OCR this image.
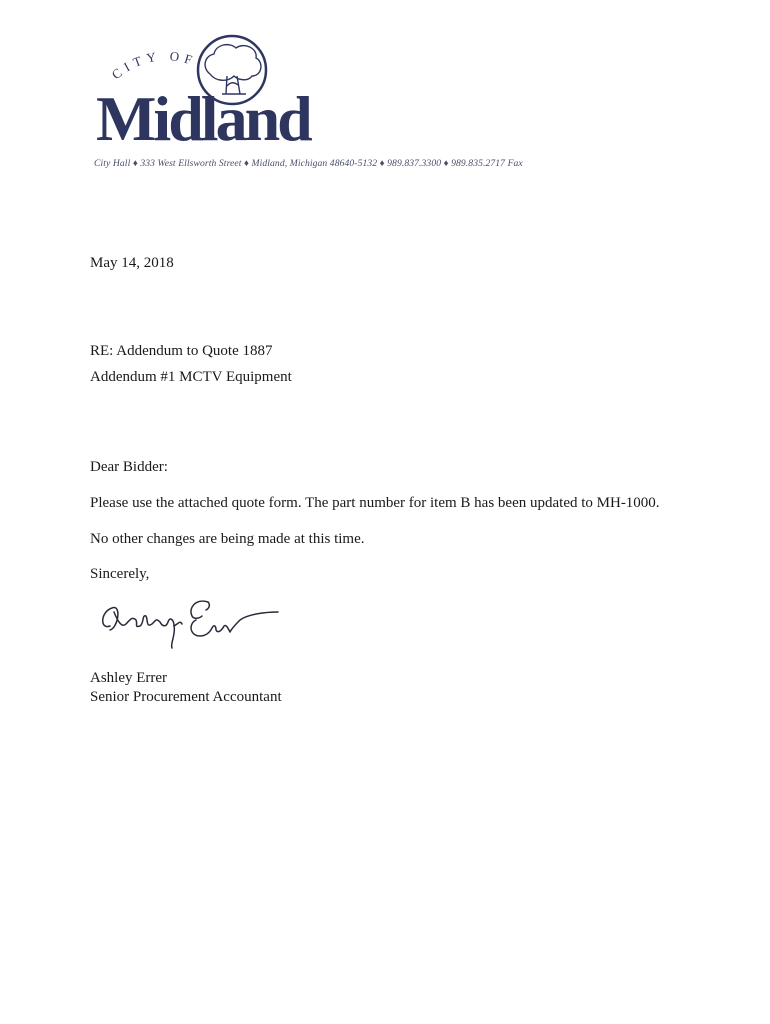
CITY OF
Midland
City Hall ♦ 333 West Ellsworth Street ♦ Midland, Michigan 48640-5132 ♦ 989.837.3300 ♦ 989.835.2717 Fax
May 14, 2018
RE: Addendum to Quote 1887
Addendum #1 MCTV Equipment
Dear Bidder:
Please use the attached quote form. The part number for item B has been updated to MH-1000.
No other changes are being made at this time.
Sincerely,
Ashley Errer
Senior Procurement Accountant
